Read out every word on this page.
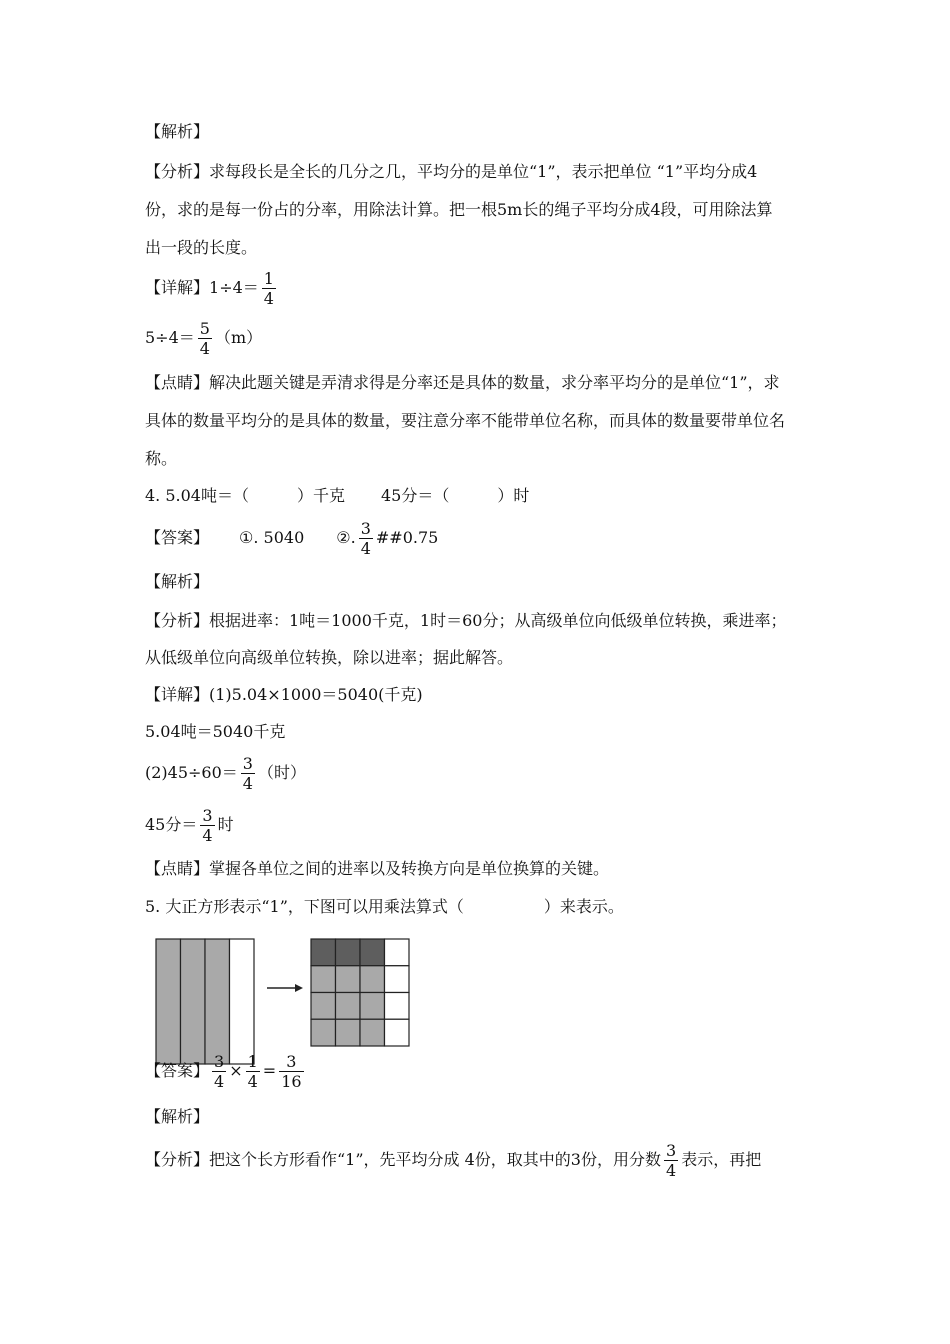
【解析】
【分析】求每段长是全长的几分之几，平均分的是单位“1”，表示把单位 “1”平均分成4
份，求的是每一份占的分率，用除法计算。把一根5m长的绳子平均分成4段，可用除法算
出一段的长度。
【详解】$1\div 4= \frac{1}{4}$
$5\div 4= \frac{5}{4} (m)$
【点睛】解决此题关键是弄清求得是分率还是具体的数量，求分率平均分的是单位“1”，求
具体的数量平均分的是具体的数量，要注意分率不能带单位名称，而具体的数量要带单位名
称。
4. 5.04吨＝（　　　）千克 45分＝（　　　）时
【答案】 ①. 5040 ②. $\frac{3}{4}$ ##0.75
【解析】
【分析】根据进率：1吨＝1000千克，1时＝60分；从高级单位向低级单位转换，乘进率；
从低级单位向高级单位转换，除以进率；据此解答。
【详解】(1)5.04×1000＝5040(千克)
5.04吨＝5040千克
$(2)45\div 60= \frac{3}{4}$ （时）
45分＝ $\frac{3}{4}$ 时
【点睛】掌握各单位之间的进率以及转换方向是单位换算的关键。
5. 大正方形表示“1”，下图可以用乘法算式（　　　　　）来表示。
【答案】 $\frac{3}{4} \times \frac{1}{4} = \frac{3}{16}$
【解析】
【分析】把这个长方形看作“1”，先平均分成 4份，取其中的3份，用分数 $\frac{3}{4}$ 表示，再把
